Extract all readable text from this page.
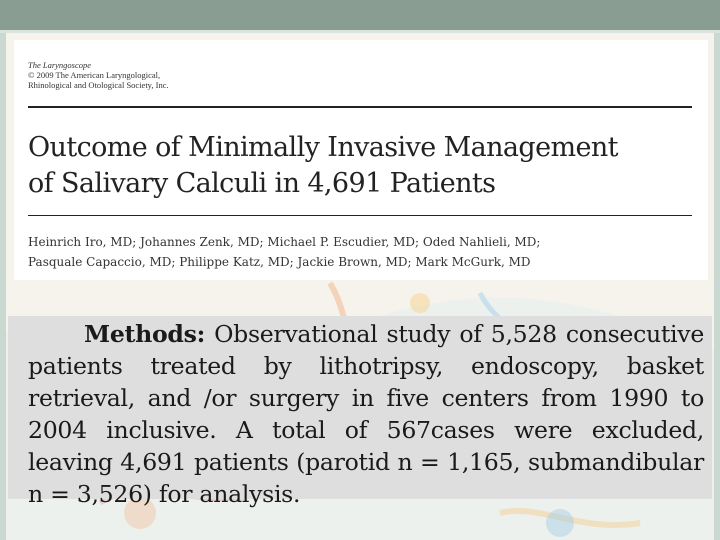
The Laryngoscope
© 2009 The American Laryngological,
Rhinological and Otological Society, Inc.
Outcome of Minimally Invasive Management
of Salivary Calculi in 4,691 Patients
Heinrich Iro, MD; Johannes Zenk, MD; Michael P. Escudier, MD; Oded Nahlieli, MD;
Pasquale Capaccio, MD; Philippe Katz, MD; Jackie Brown, MD; Mark McGurk, MD
Methods: Observational study of 5,528 consecutive patients treated by lithotripsy, endoscopy, basket retrieval, and /or surgery in five centers from 1990 to 2004 inclusive. A total of 567cases were excluded, leaving 4,691 patients (parotid n = 1,165, submandibular n = 3,526) for analysis.
